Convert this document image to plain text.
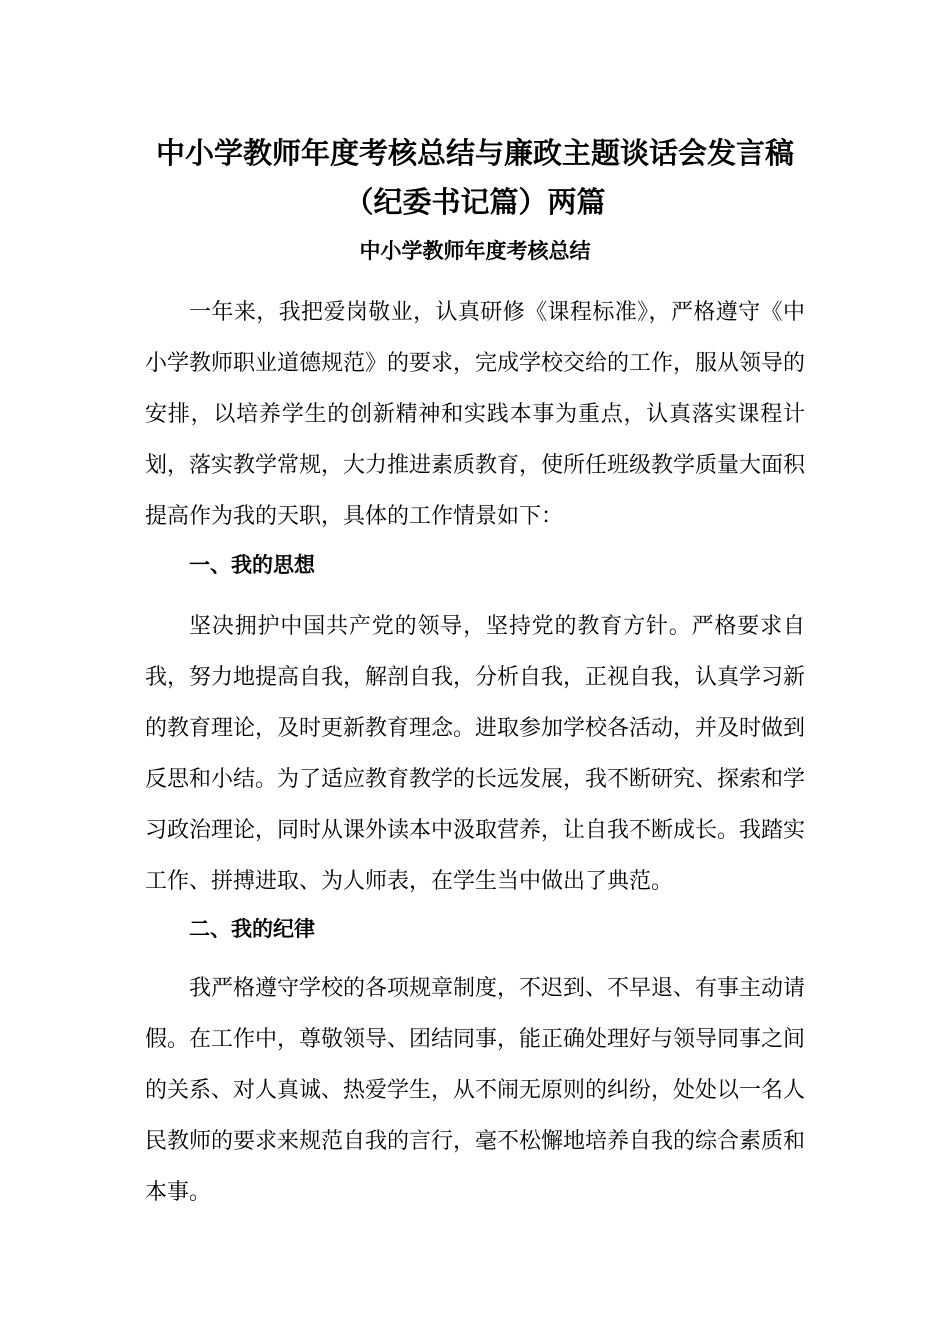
中小学教师年度考核总结与廉政主题谈话会发言稿
（纪委书记篇）两篇
中小学教师年度考核总结

一年来，我把爱岗敬业，认真研修《课程标准》，严格遵守《中小学教师职业道德规范》的要求，完成学校交给的工作，服从领导的安排，以培养学生的创新精神和实践本事为重点，认真落实课程计划，落实教学常规，大力推进素质教育，使所任班级教学质量大面积提高作为我的天职，具体的工作情景如下：

一、我的思想

坚决拥护中国共产党的领导，坚持党的教育方针。严格要求自我，努力地提高自我，解剖自我，分析自我，正视自我，认真学习新的教育理论，及时更新教育理念。进取参加学校各活动，并及时做到反思和小结。为了适应教育教学的长远发展，我不断研究、探索和学习政治理论，同时从课外读本中汲取营养，让自我不断成长。我踏实工作、拼搏进取、为人师表，在学生当中做出了典范。

二、我的纪律

我严格遵守学校的各项规章制度，不迟到、不早退、有事主动请假。在工作中，尊敬领导、团结同事，能正确处理好与领导同事之间的关系、对人真诚、热爱学生，从不闹无原则的纠纷，处处以一名人民教师的要求来规范自我的言行，毫不松懈地培养自我的综合素质和本事。
